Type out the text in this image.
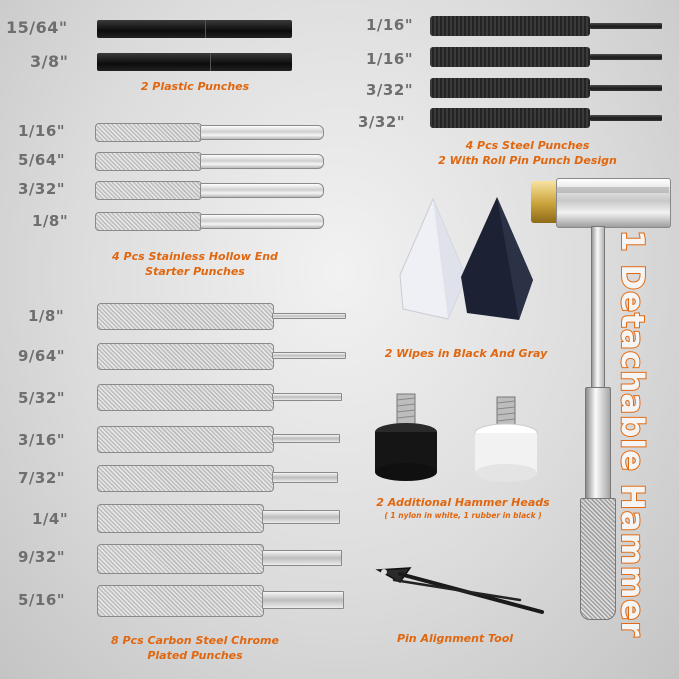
15/64"
3/8"
2 Plastic Punches
1/16"
1/16"
3/32"
3/32"
4 Pcs Steel Punches
2 With Roll Pin Punch Design
1/16"
5/64"
3/32"
1/8"
4 Pcs Stainless Hollow End
Starter Punches
2 Wipes in Black And Gray
2 Additional Hammer Heads
( 1 nylon in white, 1 rubber in black )
1/8"
9/64"
5/32"
3/16"
7/32"
1/4"
9/32"
5/16"
8 Pcs Carbon Steel Chrome
Plated Punches
Pin Alignment Tool
1 Detachable Hammer
